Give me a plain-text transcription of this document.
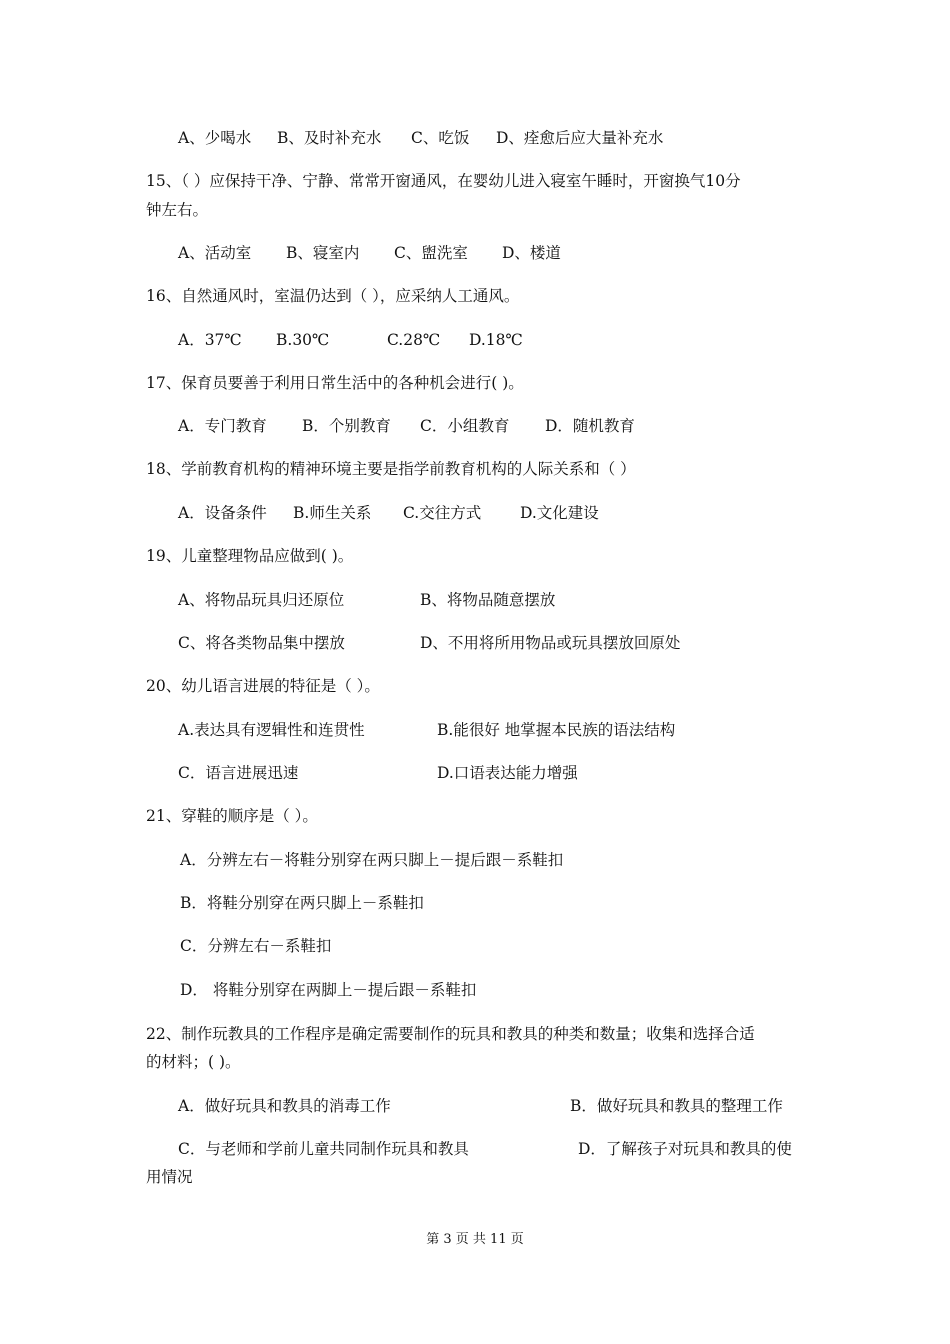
A、少喝水 B、及时补充水 C、吃饭 D、痊愈后应大量补充水
15、（ ）应保持干净、宁静、常常开窗通风，在婴幼儿进入寝室午睡时，开窗换气10分
钟左右。
A、活动室 B、寝室内 C、盥洗室 D、楼道
16、自然通风时，室温仍达到（ ），应采纳人工通风。
A．37℃ B.30℃	C.28℃ D.18℃
17、保育员要善于利用日常生活中的各种机会进行( )。
A．专门教育 B．个别教育 C．小组教育 D．随机教育
18、学前教育机构的精神环境主要是指学前教育机构的人际关系和（ ）
A．设备条件 B.师生关系 C.交往方式	D.文化建设
19、儿童整理物品应做到( )。
A、将物品玩具归还原位	B、将物品随意摆放
C、将各类物品集中摆放	D、不用将所用物品或玩具摆放回原处
20、幼儿语言进展的特征是（ ）。
A.表达具有逻辑性和连贯性	B.能很好 地掌握本民族的语法结构
C．语言进展迅速	D.口语表达能力增强
21、穿鞋的顺序是（ ）。
A．分辨左右－将鞋分别穿在两只脚上－提后跟－系鞋扣
B．将鞋分别穿在两只脚上－系鞋扣
C．分辨左右－系鞋扣
D． 将鞋分别穿在两脚上－提后跟－系鞋扣
22、制作玩教具的工作程序是确定需要制作的玩具和教具的种类和数量；收集和选择合适
的材料；( )。
A．做好玩具和教具的消毒工作	B．做好玩具和教具的整理工作
C．与老师和学前儿童共同制作玩具和教具	D．了解孩子对玩具和教具的使
用情况
第 3 页 共 11 页
